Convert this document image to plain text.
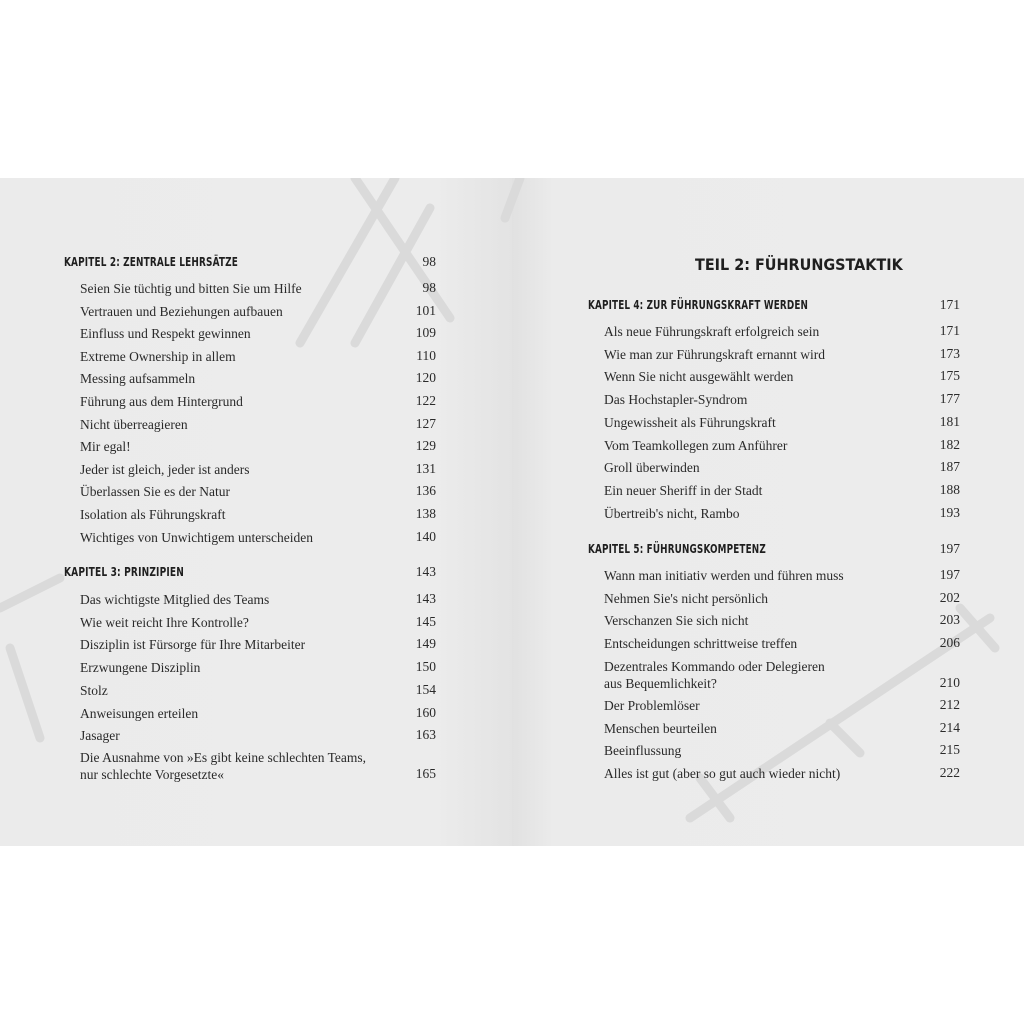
KAPITEL 2: ZENTRALE LEHRSÄTZE	98
Seien Sie tüchtig und bitten Sie um Hilfe	98
Vertrauen und Beziehungen aufbauen	101
Einfluss und Respekt gewinnen	109
Extreme Ownership in allem	110
Messing aufsammeln	120
Führung aus dem Hintergrund	122
Nicht überreagieren	127
Mir egal!	129
Jeder ist gleich, jeder ist anders	131
Überlassen Sie es der Natur	136
Isolation als Führungskraft	138
Wichtiges von Unwichtigem unterscheiden	140
KAPITEL 3: PRINZIPIEN	143
Das wichtigste Mitglied des Teams	143
Wie weit reicht Ihre Kontrolle?	145
Disziplin ist Fürsorge für Ihre Mitarbeiter	149
Erzwungene Disziplin	150
Stolz	154
Anweisungen erteilen	160
Jasager	163
Die Ausnahme von »Es gibt keine schlechten Teams,
nur schlechte Vorgesetzte«	165
TEIL 2: FÜHRUNGSTAKTIK
KAPITEL 4: ZUR FÜHRUNGSKRAFT WERDEN	171
Als neue Führungskraft erfolgreich sein	171
Wie man zur Führungskraft ernannt wird	173
Wenn Sie nicht ausgewählt werden	175
Das Hochstapler-Syndrom	177
Ungewissheit als Führungskraft	181
Vom Teamkollegen zum Anführer	182
Groll überwinden	187
Ein neuer Sheriff in der Stadt	188
Übertreib's nicht, Rambo	193
KAPITEL 5: FÜHRUNGSKOMPETENZ	197
Wann man initiativ werden und führen muss	197
Nehmen Sie's nicht persönlich	202
Verschanzen Sie sich nicht	203
Entscheidungen schrittweise treffen	206
Dezentrales Kommando oder Delegieren
aus Bequemlichkeit?	210
Der Problemlöser	212
Menschen beurteilen	214
Beeinflussung	215
Alles ist gut (aber so gut auch wieder nicht)	222
